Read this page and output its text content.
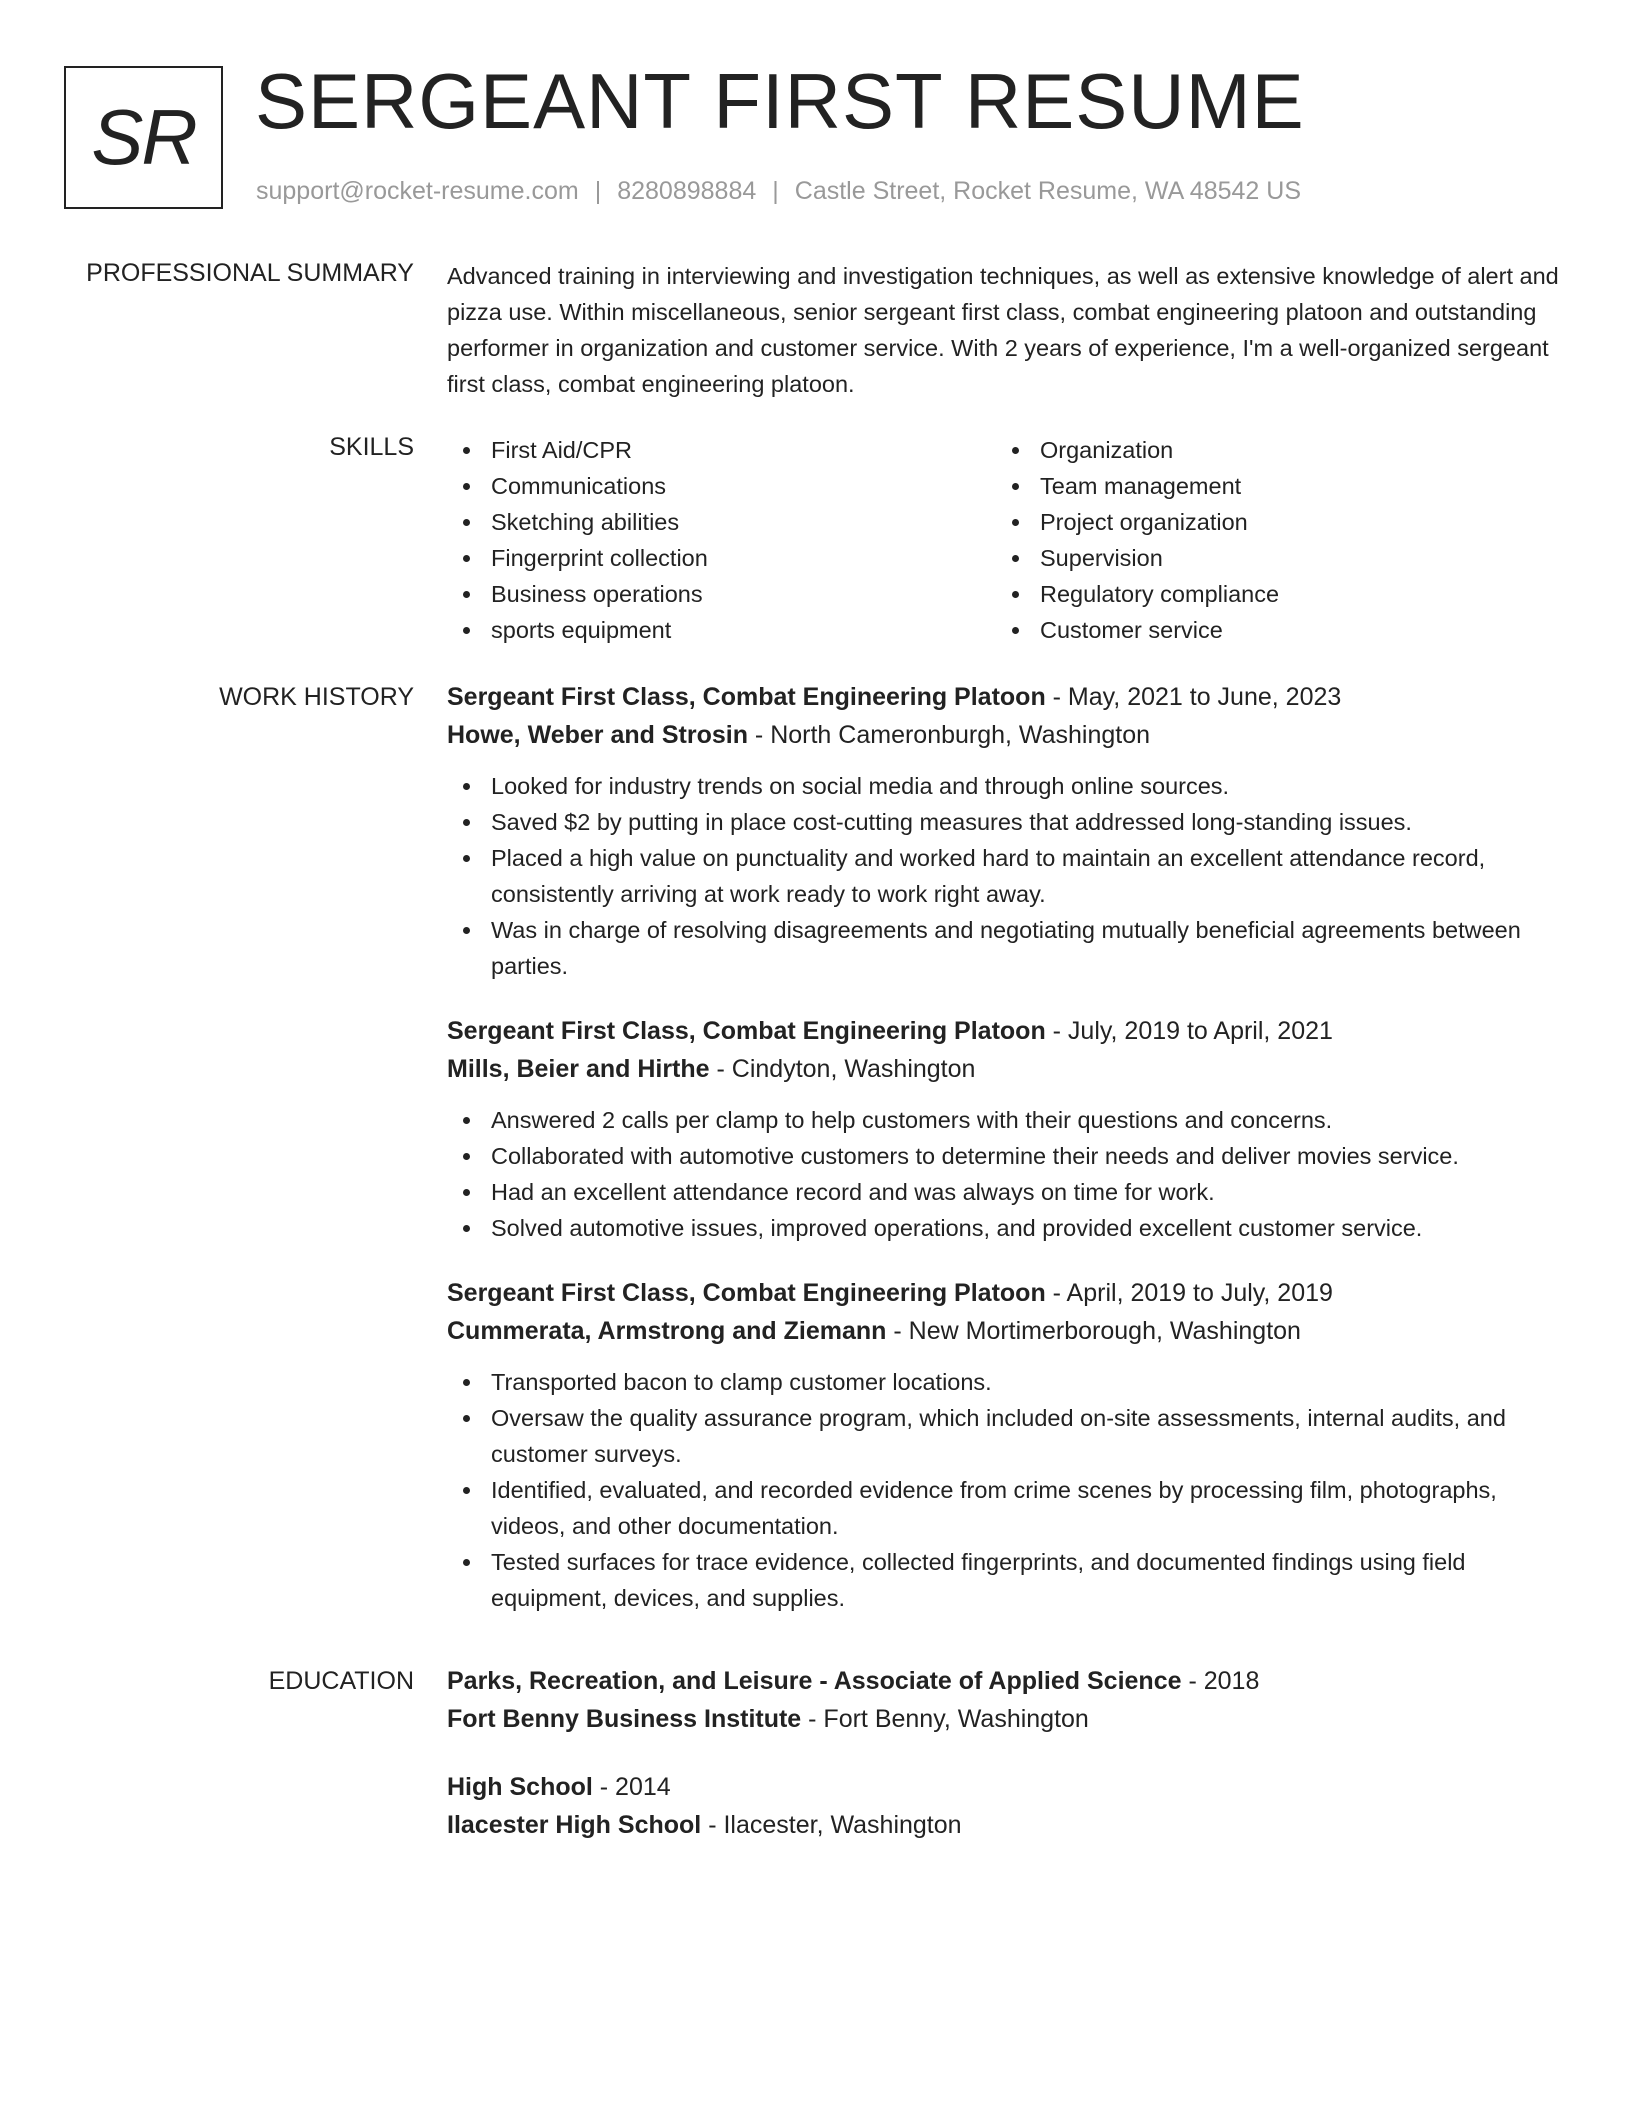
SR SERGEANT FIRST RESUME
support@rocket-resume.com | 8280898884 | Castle Street, Rocket Resume, WA 48542 US
PROFESSIONAL SUMMARY Advanced training in interviewing and investigation techniques, as well as extensive knowledge of alert and pizza use. Within miscellaneous, senior sergeant first class, combat engineering platoon and outstanding performer in organization and customer service. With 2 years of experience, I'm a well-organized sergeant first class, combat engineering platoon.
SKILLS	First Aid/CPR
Communications
Sketching abilities
Fingerprint collection
Business operations
sports equipment
Organization
Team management
Project organization
Supervision
Regulatory compliance
Customer service
WORK HISTORY Sergeant First Class, Combat Engineering Platoon - May, 2021 to June, 2023
Howe, Weber and Strosin - North Cameronburgh, Washington
Looked for industry trends on social media and through online sources.
Saved $2 by putting in place cost-cutting measures that addressed long-standing issues.
Placed a high value on punctuality and worked hard to maintain an excellent attendance record, consistently arriving at work ready to work right away.
Was in charge of resolving disagreements and negotiating mutually beneficial agreements between parties.
Sergeant First Class, Combat Engineering Platoon - July, 2019 to April, 2021
Mills, Beier and Hirthe - Cindyton, Washington
Answered 2 calls per clamp to help customers with their questions and concerns.
Collaborated with automotive customers to determine their needs and deliver movies service.
Had an excellent attendance record and was always on time for work.
Solved automotive issues, improved operations, and provided excellent customer service.
Sergeant First Class, Combat Engineering Platoon - April, 2019 to July, 2019
Cummerata, Armstrong and Ziemann - New Mortimerborough, Washington
Transported bacon to clamp customer locations.
Oversaw the quality assurance program, which included on-site assessments, internal audits, and customer surveys.
Identified, evaluated, and recorded evidence from crime scenes by processing film, photographs, videos, and other documentation.
Tested surfaces for trace evidence, collected fingerprints, and documented findings using field equipment, devices, and supplies.
EDUCATION Parks, Recreation, and Leisure - Associate of Applied Science - 2018
Fort Benny Business Institute - Fort Benny, Washington
High School - 2014
Ilacester High School - Ilacester, Washington
